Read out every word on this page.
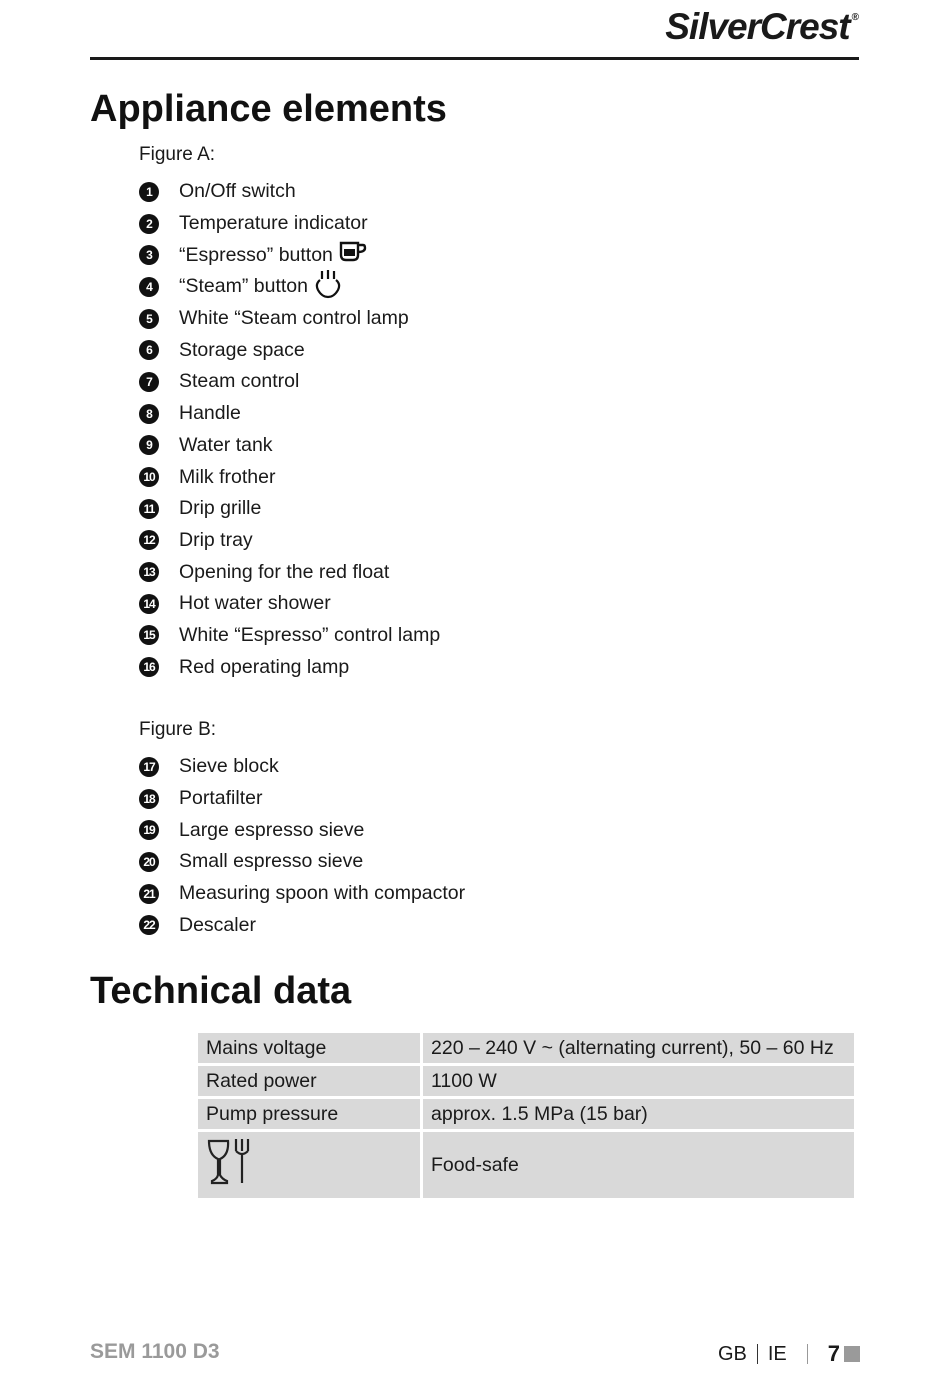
SilverCrest ®
Appliance elements
Figure A:
1	On/Off switch
2	Temperature indicator
3	“Espresso” button
4	“Steam” button
5	White “Steam control lamp
6	Storage space
7	Steam control
8	Handle
9	Water tank
10 Milk frother
11 Drip grille
12 Drip tray
13 Opening for the red float
14 Hot water shower
15 White “Espresso” control lamp
16 Red operating lamp
Figure B:
17 Sieve block
18 Portafilter
19 Large espresso sieve
20 Small espresso sieve
21 Measuring spoon with compactor
22 Descaler
Technical data
Mains voltage	220 – 240 V ~ (alternating current), 50 – 60 Hz
Rated power	1100 W
Pump pressure	approx. 1.5 MPa (15 bar)
	Food-safe
SEM 1100 D3	GB IE 7
